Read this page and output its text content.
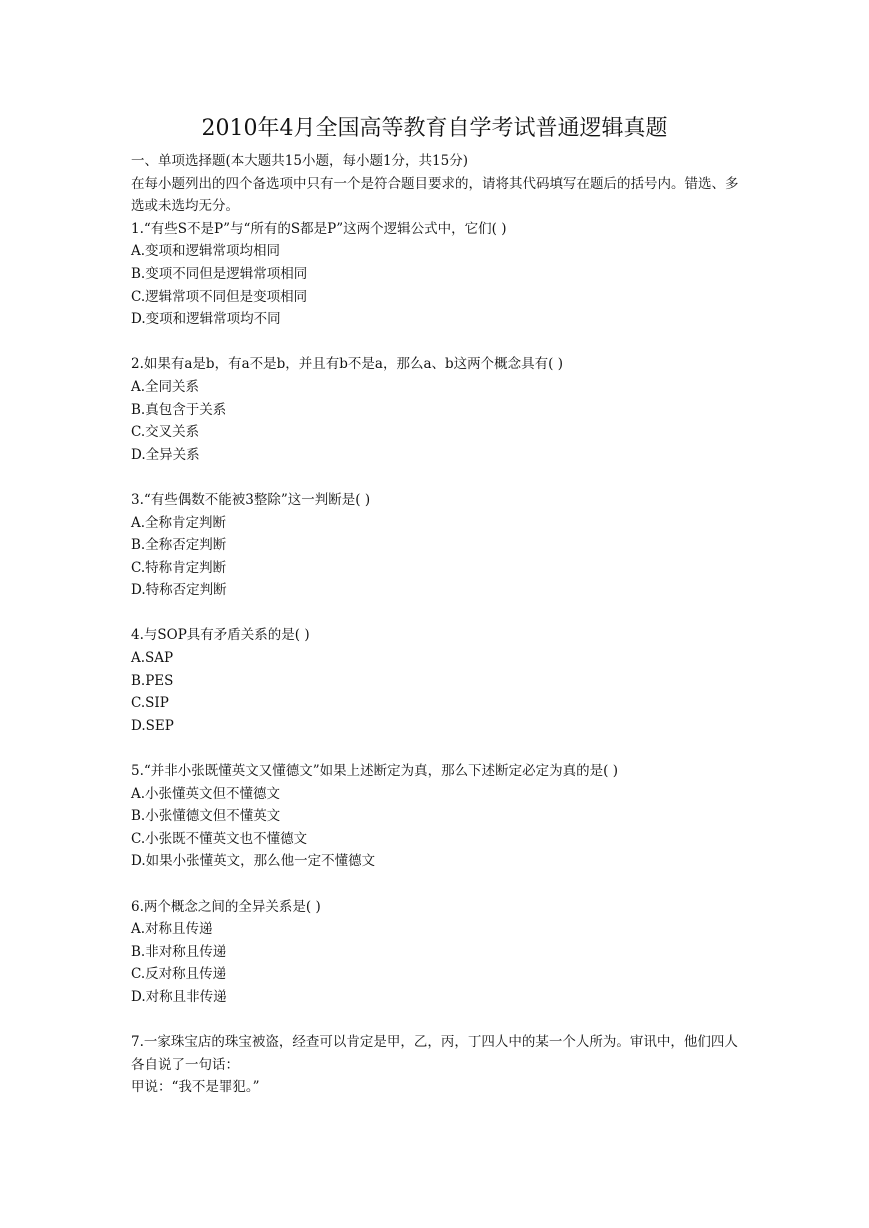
2010年4月全国高等教育自学考试普通逻辑真题

一、单项选择题(本大题共15小题，每小题1分，共15分)

在每小题列出的四个备选项中只有一个是符合题目要求的，请将其代码填写在题后的括号内。错选、多选或未选均无分。

1.“有些S不是P”与“所有的S都是P”这两个逻辑公式中，它们( )

A.变项和逻辑常项均相同

B.变项不同但是逻辑常项相同

C.逻辑常项不同但是变项相同

D.变项和逻辑常项均不同

2.如果有a是b，有a不是b，并且有b不是a，那么a、b这两个概念具有( )

A.全同关系

B.真包含于关系

C.交叉关系

D.全异关系

3.“有些偶数不能被3整除”这一判断是( )

A.全称肯定判断

B.全称否定判断

C.特称肯定判断

D.特称否定判断

4.与SOP具有矛盾关系的是( )

A.SAP

B.PES

C.SIP

D.SEP

5.“并非小张既懂英文又懂德文”如果上述断定为真，那么下述断定必定为真的是( )

A.小张懂英文但不懂德文

B.小张懂德文但不懂英文

C.小张既不懂英文也不懂德文

D.如果小张懂英文，那么他一定不懂德文

6.两个概念之间的全异关系是( )

A.对称且传递

B.非对称且传递

C.反对称且传递

D.对称且非传递

7.一家珠宝店的珠宝被盗，经查可以肯定是甲，乙，丙，丁四人中的某一个人所为。审讯中，他们四人各自说了一句话：

甲说：“我不是罪犯。”
